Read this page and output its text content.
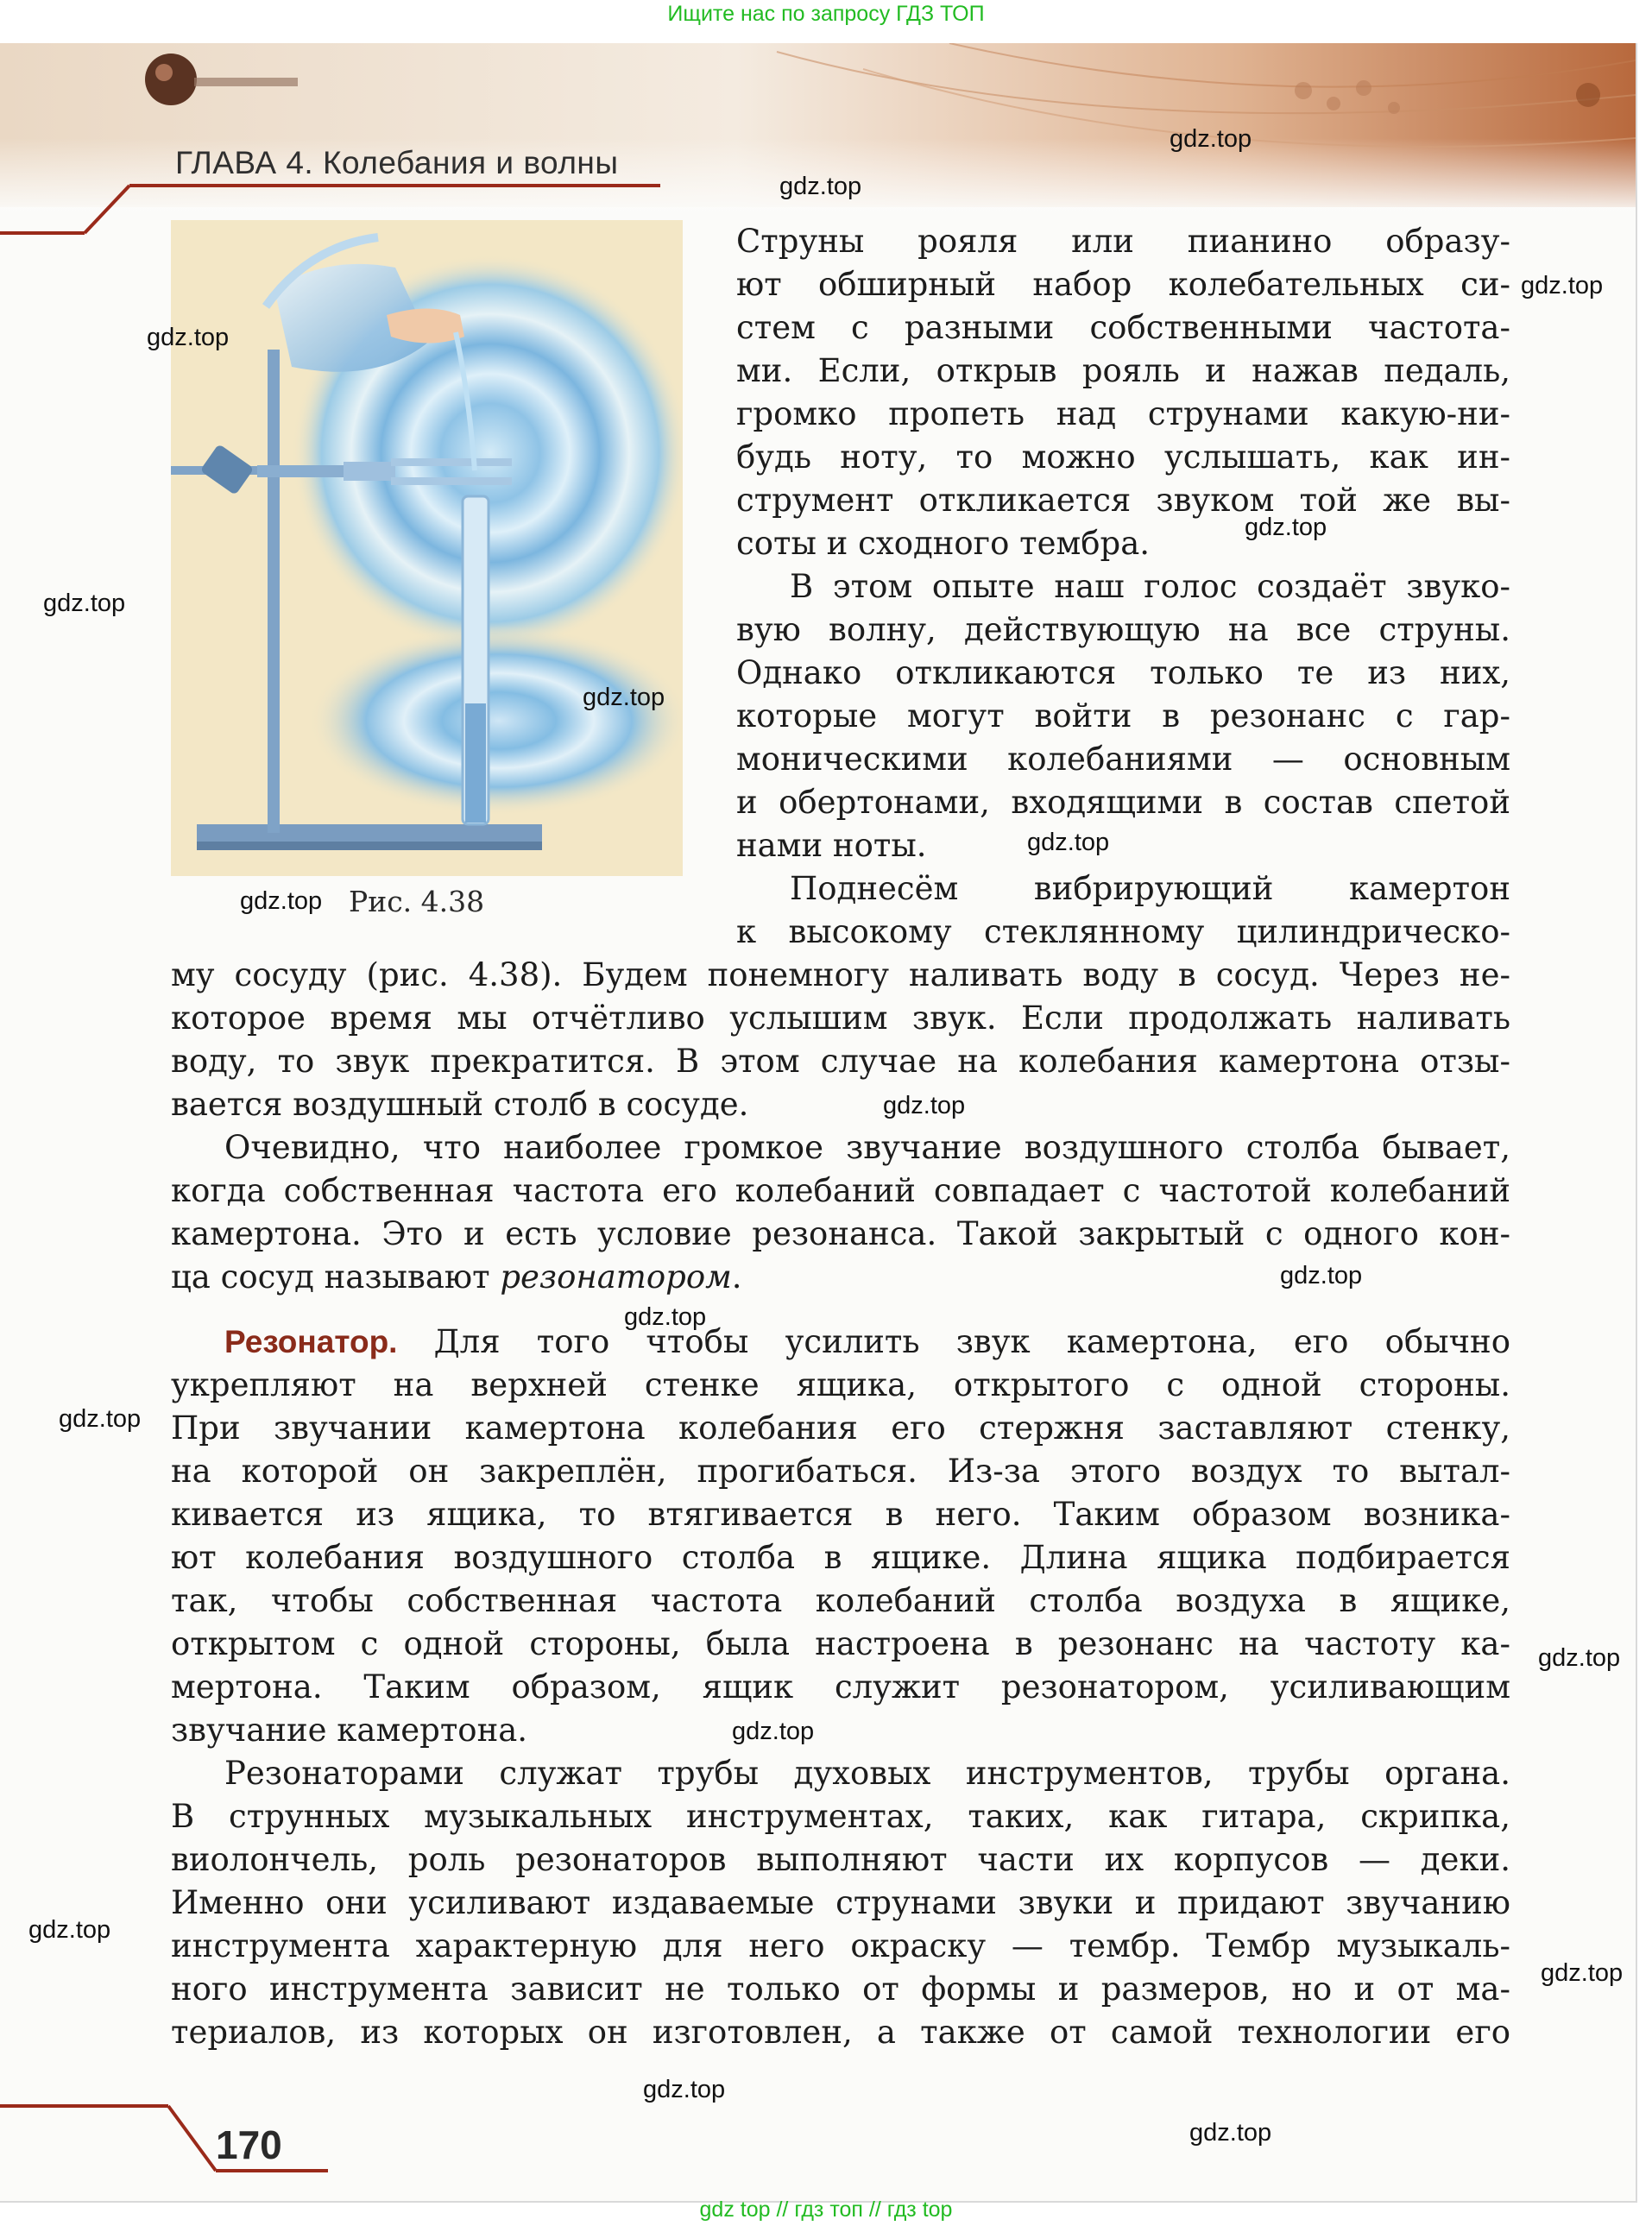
Ищите нас по запросу ГДЗ ТОП
ГЛАВА 4. Колебания и волны
Рис. 4.38
Струны рояля или пианино образу-
ют обширный набор колебательных си-
стем с разными собственными частота-
ми. Если, открыв рояль и нажав педаль,
громко пропеть над струнами какую-ни-
будь ноту, то можно услышать, как ин-
струмент откликается звуком той же вы-
соты и сходного тембра.
В этом опыте наш голос создаёт звуко-
вую волну, действующую на все струны.
Однако откликаются только те из них,
которые могут войти в резонанс с гар-
моническими колебаниями — основным
и обертонами, входящими в состав спетой
нами ноты.
Поднесём вибрирующий камертон
к высокому стеклянному цилиндрическо-
му сосуду (рис. 4.38). Будем понемногу наливать воду в сосуд. Через не-
которое время мы отчётливо услышим звук. Если продолжать наливать
воду, то звук прекратится. В этом случае на колебания камертона отзы-
вается воздушный столб в сосуде.
Очевидно, что наиболее громкое звучание воздушного столба бывает,
когда собственная частота его колебаний совпадает с частотой колебаний
камертона. Это и есть условие резонанса. Такой закрытый с одного кон-
ца сосуд называют резонатором.
Резонатор. Для того чтобы усилить звук камертона, его обычно
укрепляют на верхней стенке ящика, открытого с одной стороны.
При звучании камертона колебания его стержня заставляют стенку,
на которой он закреплён, прогибаться. Из-за этого воздух то вытал-
кивается из ящика, то втягивается в него. Таким образом возника-
ют колебания воздушного столба в ящике. Длина ящика подбирается
так, чтобы собственная частота колебаний столба воздуха в ящике,
открытом с одной стороны, была настроена в резонанс на частоту ка-
мертона. Таким образом, ящик служит резонатором, усиливающим
звучание камертона.
Резонаторами служат трубы духовых инструментов, трубы органа.
В струнных музыкальных инструментах, таких, как гитара, скрипка,
виолончель, роль резонаторов выполняют части их корпусов — деки.
Именно они усиливают издаваемые струнами звуки и придают звучанию
инструмента характерную для него окраску — тембр. Тембр музыкаль-
ного инструмента зависит не только от формы и размеров, но и от ма-
териалов, из которых он изготовлен, а также от самой технологии его
170
gdz.top
gdz.top
gdz.top
gdz.top
gdz.top
gdz.top
gdz.top
gdz.top
gdz.top
gdz.top
gdz.top
gdz.top
gdz.top
gdz.top
gdz.top
gdz.top
gdz.top
gdz.top
gdz.top
gdz top // гдз топ // гдз top
